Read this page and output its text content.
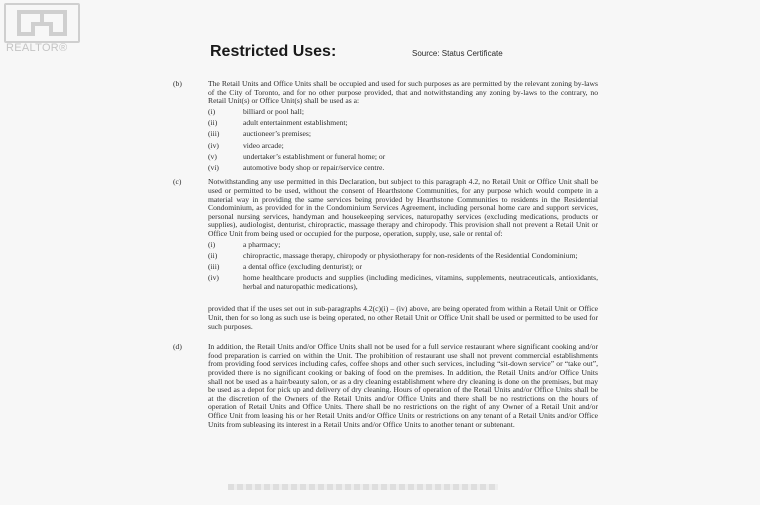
REALTOR®	Restricted Uses:	Source: Status Certificate
(b)	The Retail Units and Office Units shall be occupied and used for such purposes as are permitted by the relevant zoning by-laws of the City of Toronto, and for no other purpose provided, that and notwithstanding any zoning by-laws to the contrary, no Retail Unit(s) or Office Unit(s) shall be used as a:
(i)	billiard or pool hall;
(ii)	adult entertainment establishment;
(iii)	auctioneer’s premises;
(iv)	video arcade;
(v)	undertaker’s establishment or funeral home; or
(vi)	automotive body shop or repair/service centre.
(c)	Notwithstanding any use permitted in this Declaration, but subject to this paragraph 4.2, no Retail Unit or Office Unit shall be used or permitted to be used, without the consent of Hearthstone Communities, for any purpose which would compete in a material way in providing the same services being provided by Hearthstone Communities to residents in the Residential Condominium, as provided for in the Condominium Services Agreement, including personal home care and support services, personal nursing services, handyman and housekeeping services, naturopathy services (excluding medications, products or supplies), audiologist, denturist, chiropractic, massage therapy and chiropody. This provision shall not prevent a Retail Unit or Office Unit from being used or occupied for the purpose, operation, supply, use, sale or rental of:
(i)	a pharmacy;
(ii)	chiropractic, massage therapy, chiropody or physiotherapy for non-residents of the Residential Condominium;
(iii)	a dental office (excluding denturist); or
(iv)	home healthcare products and supplies (including medicines, vitamins, supplements, neutraceuticals, antioxidants, herbal and naturopathic medications),
provided that if the uses set out in sub-paragraphs 4.2(c)(i) – (iv) above, are being operated from within a Retail Unit or Office Unit, then for so long as such use is being operated, no other Retail Unit or Office Unit shall be used or permitted to be used for such purposes.
(d)	In addition, the Retail Units and/or Office Units shall not be used for a full service restaurant where significant cooking and/or food preparation is carried on within the Unit. The prohibition of restaurant use shall not prevent commercial establishments from providing food services including cafes, coffee shops and other such services, including “sit-down service” or “take out”, provided there is no significant cooking or baking of food on the premises. In addition, the Retail Units and/or Office Units shall not be used as a hair/beauty salon, or as a dry cleaning establishment where dry cleaning is done on the premises, but may be used as a depot for pick up and delivery of dry cleaning. Hours of operation of the Retail Units and/or Office Units shall be at the discretion of the Owners of the Retail Units and/or Office Units and there shall be no restrictions on the hours of operation of Retail Units and Office Units. There shall be no restrictions on the right of any Owner of a Retail Unit and/or Office Unit from leasing his or her Retail Units and/or Office Units or restrictions on any tenant of a Retail Units and/or Office Units from subleasing its interest in a Retail Units and/or Office Units to another tenant or subtenant.
